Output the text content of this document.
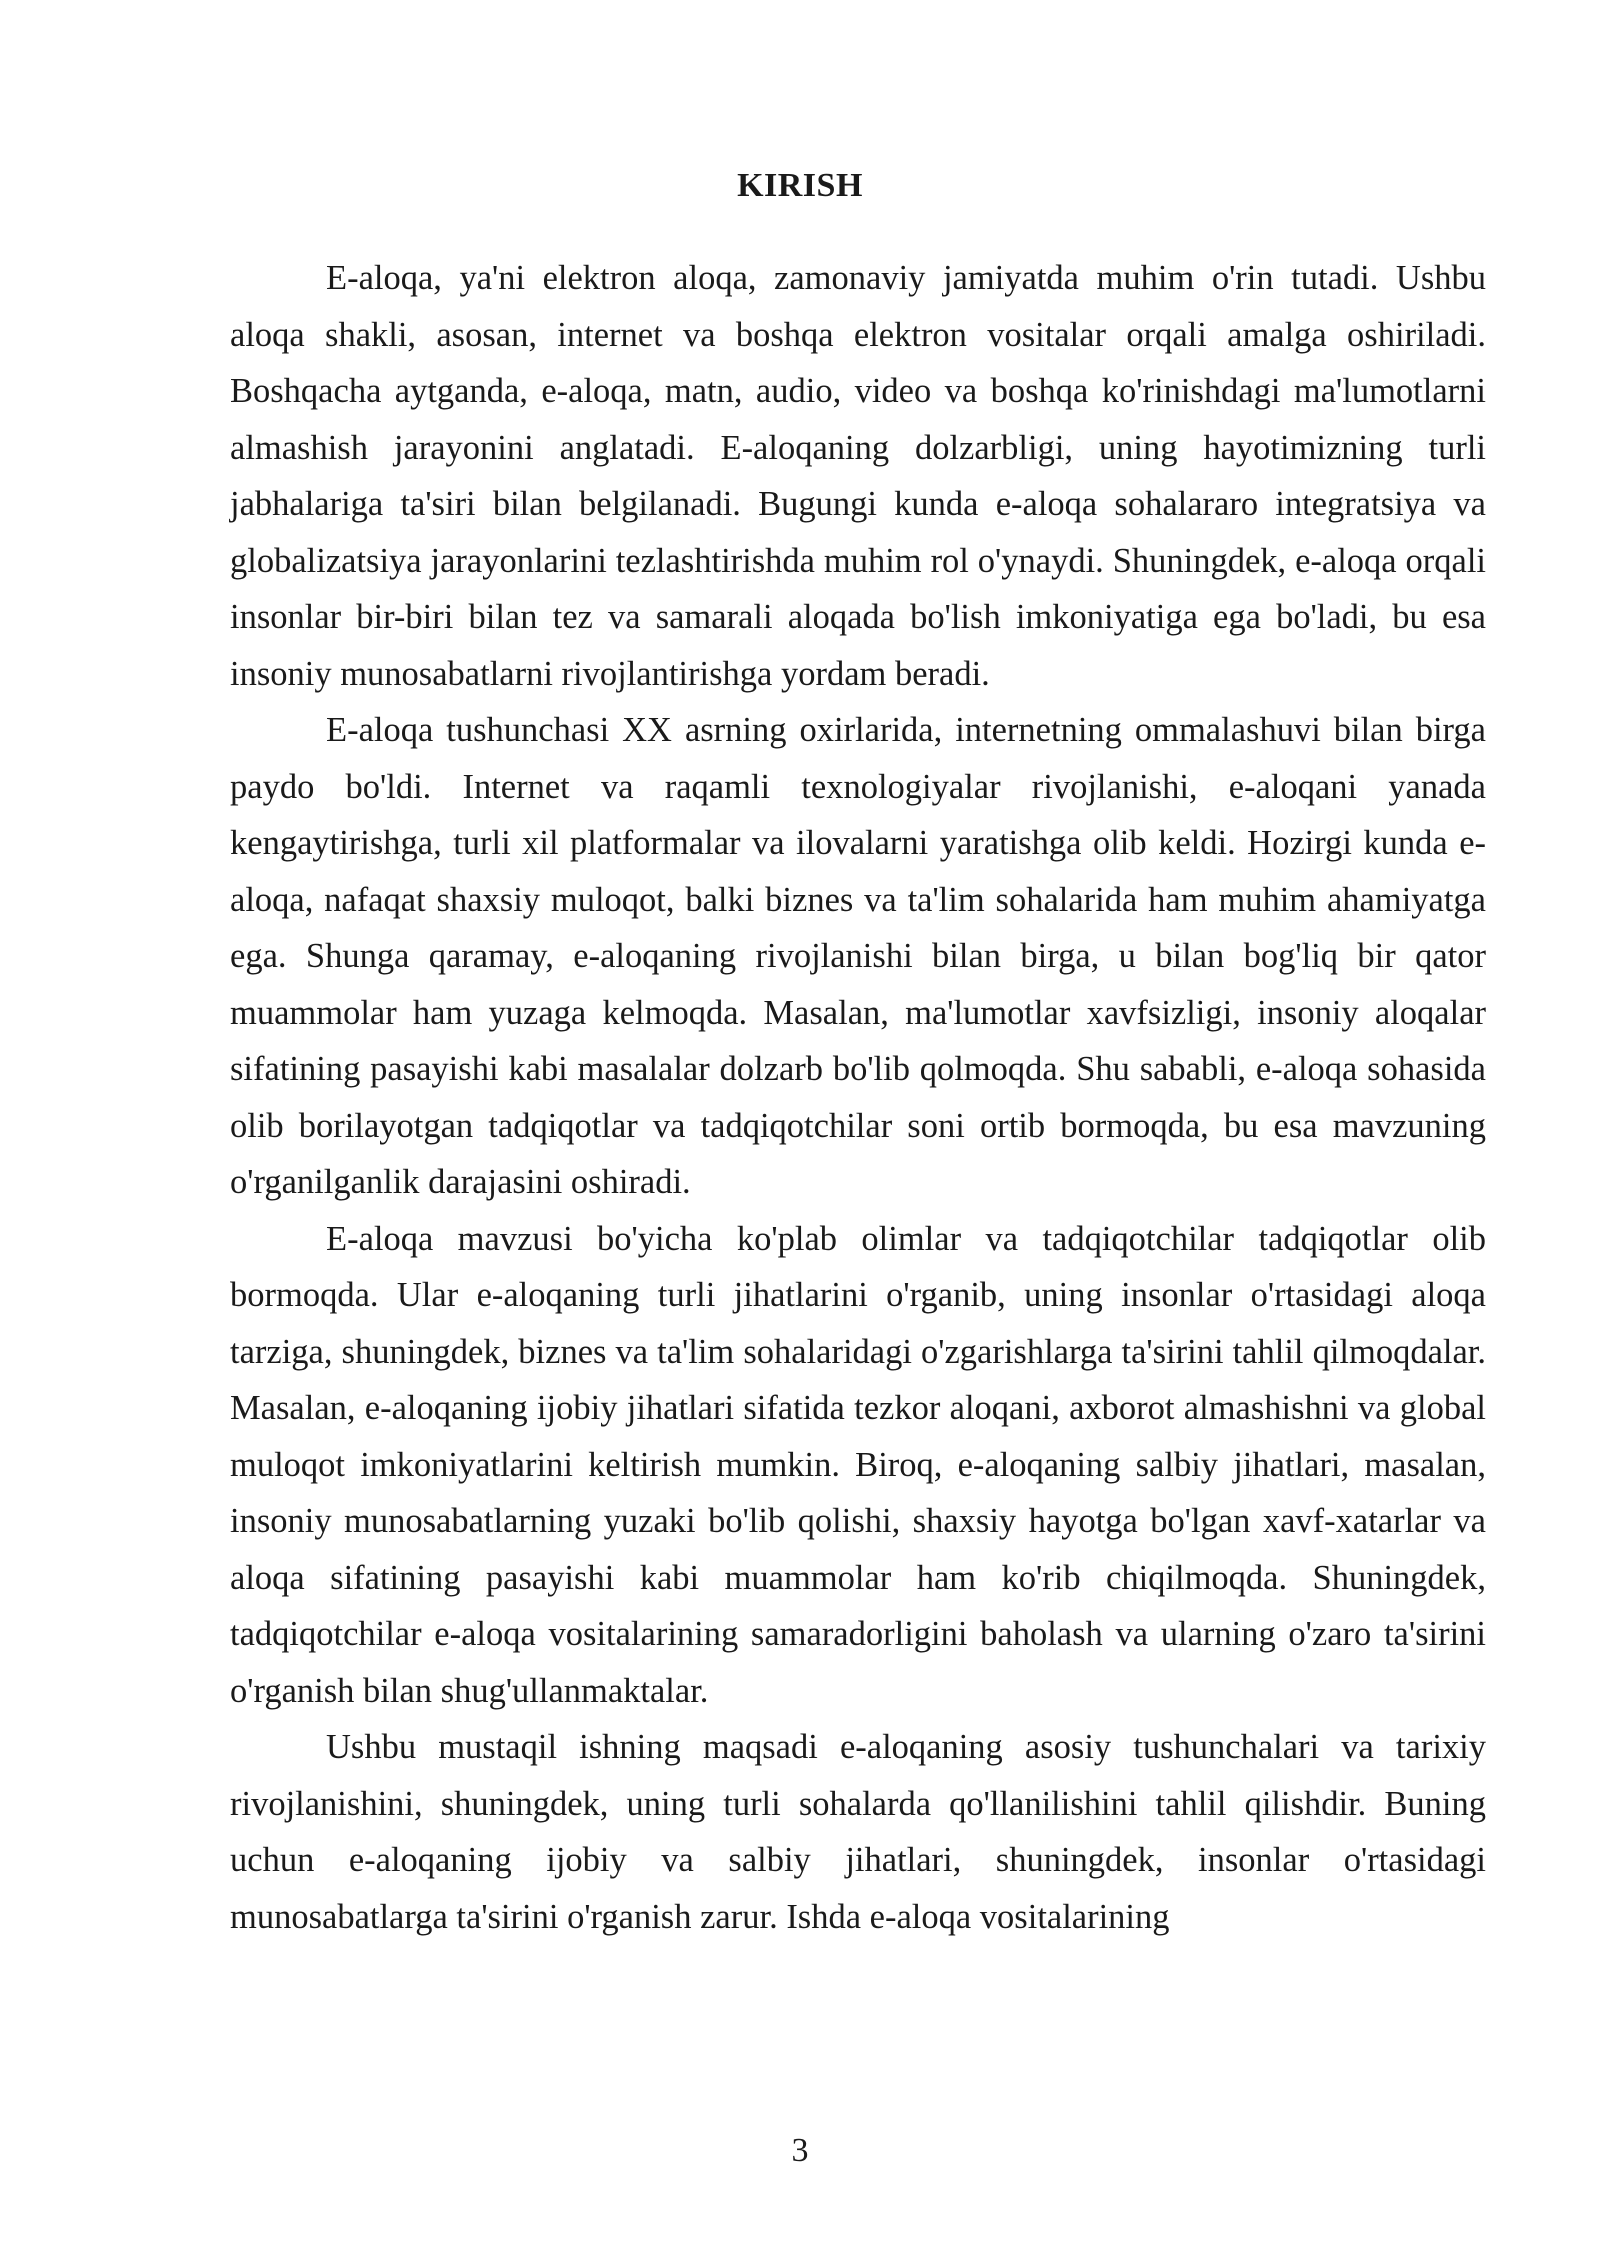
KIRISH

E-aloqa, ya'ni elektron aloqa, zamonaviy jamiyatda muhim o'rin tutadi. Ushbu aloqa shakli, asosan, internet va boshqa elektron vositalar orqali amalga oshiriladi. Boshqacha aytganda, e-aloqa, matn, audio, video va boshqa ko'rinishdagi ma'lumotlarni almashish jarayonini anglatadi. E-aloqaning dolzarbligi, uning hayotimizning turli jabhalariga ta'siri bilan belgilanadi. Bugungi kunda e-aloqa sohalararo integratsiya va globalizatsiya jarayonlarini tezlashtirishda muhim rol o'ynaydi. Shuningdek, e-aloqa orqali insonlar bir-biri bilan tez va samarali aloqada bo'lish imkoniyatiga ega bo'ladi, bu esa insoniy munosabatlarni rivojlantirishga yordam beradi.

E-aloqa tushunchasi XX asrning oxirlarida, internetning ommalashuvi bilan birga paydo bo'ldi. Internet va raqamli texnologiyalar rivojlanishi, e-aloqani yanada kengaytirishga, turli xil platformalar va ilovalarni yaratishga olib keldi. Hozirgi kunda e-aloqa, nafaqat shaxsiy muloqot, balki biznes va ta'lim sohalarida ham muhim ahamiyatga ega. Shunga qaramay, e-aloqaning rivojlanishi bilan birga, u bilan bog'liq bir qator muammolar ham yuzaga kelmoqda. Masalan, ma'lumotlar xavfsizligi, insoniy aloqalar sifatining pasayishi kabi masalalar dolzarb bo'lib qolmoqda. Shu sababli, e-aloqa sohasida olib borilayotgan tadqiqotlar va tadqiqotchilar soni ortib bormoqda, bu esa mavzuning o'rganilganlik darajasini oshiradi.

E-aloqa mavzusi bo'yicha ko'plab olimlar va tadqiqotchilar tadqiqotlar olib bormoqda. Ular e-aloqaning turli jihatlarini o'rganib, uning insonlar o'rtasidagi aloqa tarziga, shuningdek, biznes va ta'lim sohalaridagi o'zgarishlarga ta'sirini tahlil qilmoqdalar. Masalan, e-aloqaning ijobiy jihatlari sifatida tezkor aloqani, axborot almashishni va global muloqot imkoniyatlarini keltirish mumkin. Biroq, e-aloqaning salbiy jihatlari, masalan, insoniy munosabatlarning yuzaki bo'lib qolishi, shaxsiy hayotga bo'lgan xavf-xatarlar va aloqa sifatining pasayishi kabi muammolar ham ko'rib chiqilmoqda. Shuningdek, tadqiqotchilar e-aloqa vositalarining samaradorligini baholash va ularning o'zaro ta'sirini o'rganish bilan shug'ullanmaktalar.

Ushbu mustaqil ishning maqsadi e-aloqaning asosiy tushunchalari va tarixiy rivojlanishini, shuningdek, uning turli sohalarda qo'llanilishini tahlil qilishdir. Buning uchun e-aloqaning ijobiy va salbiy jihatlari, shuningdek, insonlar o'rtasidagi munosabatlarga ta'sirini o'rganish zarur. Ishda e-aloqa vositalarining

3
